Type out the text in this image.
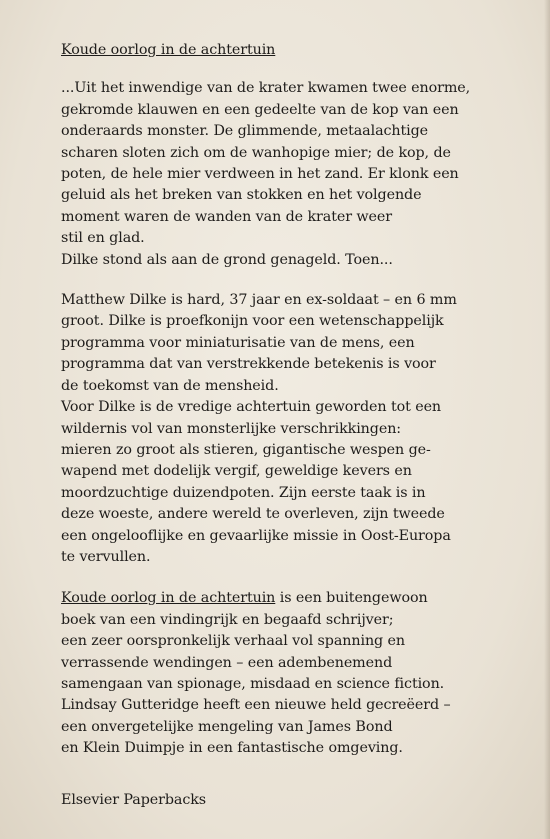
Koude oorlog in de achtertuin

...Uit het inwendige van de krater kwamen twee enorme,
gekromde klauwen en een gedeelte van de kop van een
onderaards monster. De glimmende, metaalachtige
scharen sloten zich om de wanhopige mier; de kop, de
poten, de hele mier verdween in het zand. Er klonk een
geluid als het breken van stokken en het volgende
moment waren de wanden van de krater weer
stil en glad.
Dilke stond als aan de grond genageld. Toen...
Matthew Dilke is hard, 37 jaar en ex-soldaat – en 6 mm
groot. Dilke is proefkonijn voor een wetenschappelijk
programma voor miniaturisatie van de mens, een
programma dat van verstrekkende betekenis is voor
de toekomst van de mensheid.
Voor Dilke is de vredige achtertuin geworden tot een
wildernis vol van monsterlijke verschrikkingen:
mieren zo groot als stieren, gigantische wespen ge-
wapend met dodelijk vergif, geweldige kevers en
moordzuchtige duizendpoten. Zijn eerste taak is in
deze woeste, andere wereld te overleven, zijn tweede
een ongelooflijke en gevaarlijke missie in Oost-Europa
te vervullen.
Koude oorlog in de achtertuin is een buitengewoon
boek van een vindingrijk en begaafd schrijver;
een zeer oorspronkelijk verhaal vol spanning en
verrassende wendingen – een adembenemend
samengaan van spionage, misdaad en science fiction.
Lindsay Gutteridge heeft een nieuwe held gecreëerd –
een onvergetelijke mengeling van James Bond
en Klein Duimpje in een fantastische omgeving.

Elsevier Paperbacks
